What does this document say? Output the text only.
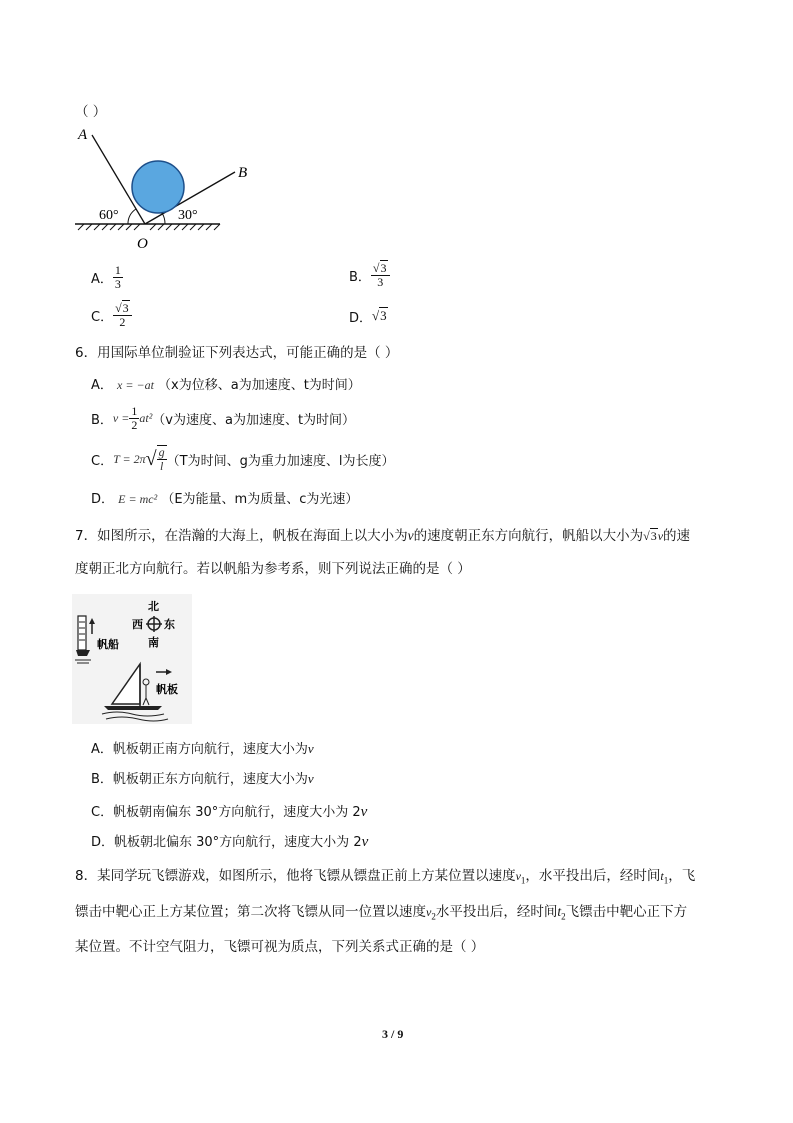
（ ）
A
B
O
60°	30°
A． $\frac{1}{3}$	B． $\frac{√3}{3}$
C． $\frac{√3}{2}$	D． √3
6．用国际单位制验证下列表达式，可能正确的是（ ）
A． x = −at （x为位移、a为加速度、t为时间）
B． $v = \frac{1}{2} at^2$ （v为速度、a为加速度、t为时间）
C． T = 2π √ $\frac{g}{l} (T$为时间、g为重力加速度、l为长度）
D． E = mc² （E为能量、m为质量、c为光速）
7．如图所示，在浩瀚的大海上，帆板在海面上以大小为v的速度朝正东方向航行，帆船以大小为√3v的速
度朝正北方向航行。若以帆船为参考系，则下列说法正确的是（ ）
北
南
西 东
帆船
帆板
A．帆板朝正南方向航行，速度大小为v
B．帆板朝正东方向航行，速度大小为v
C．帆板朝南偏东 30°方向航行，速度大小为 2v
D．帆板朝北偏东 30°方向航行，速度大小为 2v
8．某同学玩飞镖游戏，如图所示，他将飞镖从镖盘正前上方某位置以速度$v_1$，水平投出后，经时间$t_1$，飞
镖击中靶心正上方某位置；第二次将飞镖从同一位置以速度$v_2$水平投出后，经时间$t_2$飞镖击中靶心正下方
某位置。不计空气阻力，飞镖可视为质点，下列关系式正确的是（ ）
3 / 9
